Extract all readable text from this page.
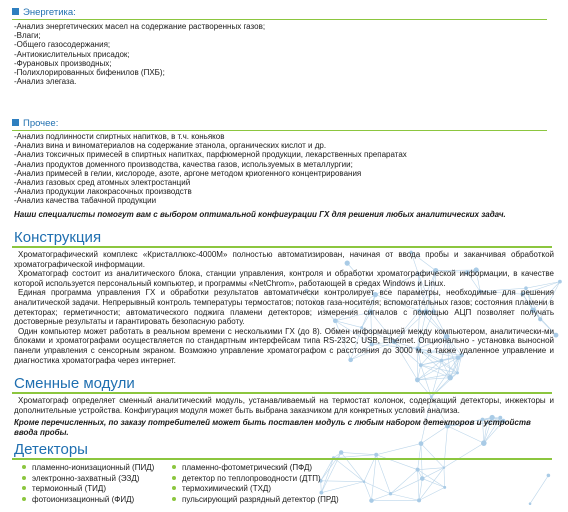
Энергетика:
-Анализ энергетических масел на содержание растворенных газов;
-Влаги;
-Общего газосодержания;
-Антиокислительных присадок;
-Фурановых производных;
-Полихлорированных бифенилов (ПХБ);
-Анализ элегаза.
Прочее:
-Анализ подлинности спиртных напитков, в т.ч. коньяков
-Анализ вина и виноматериалов на содержание этанола, органических кислот и др.
-Анализ токсичных примесей в спиртных напитках, парфюмерной продукции, лекарственных препаратах
-Анализ продуктов доменного производства, качества газов, используемых в металлургии;
-Анализ примесей в гелии, кислороде, азоте, аргоне методом криогенного концентрирования
-Анализ газовых сред атомных электростанций
-Анализ продукции лакокрасочных производств
-Анализ качества табачной продукции
Наши специалисты помогут вам с выбором оптимальной конфигурации ГХ для решения любых аналитических задач.
Конструкция

Хроматографический комплекс «Кристаллюкс-4000М» полностью автоматизирован, начиная от ввода пробы и заканчивая обработкой хроматографической информации.

Хроматограф состоит из аналитического блока, станции управления, контроля и обработки хроматографической информации, в качестве которой используется персональный компьютер, и программы «NetChrom», работающей в средах Windows и Linux.

Единая программа управления ГХ и обработки результатов автоматически контролирует все параметры, необходимые для решения аналитической задачи. Непрерывный контроль температуры термостатов; потоков газа-носителя; вспомогательных газов; состояния пламени в детекторах; герметичности; автоматического поджига пламени детекторов; измерения сигналов с помощью АЦП позволяет получать достоверные результаты и гарантировать безопасную работу.

Один компьютер может работать в реальном времени с несколькими ГХ (до 8). Обмен информацией между компьютером, аналитически-ми блоками и хроматографами осуществляется по стандартным интерфейсам типа RS-232C, USB, Ethernet. Опционально - установка выносной панели управления с сенсорным экраном. Возможно управление хроматографом с расстояния до 3000 м, а также удаленное управление и диагностика хроматографа через интернет.

Сменные модули

Хроматограф определяет сменный аналитический модуль, устанавливаемый на термостат колонок, содержащий детекторы, инжекторы и дополнительные устройства. Конфигурация модуля может быть выбрана заказчиком для конкретных условий анализа.

Кроме перечисленных, по заказу потребителей может быть поставлен модуль с любым набором детекторов и устройств ввода пробы.
Детекторы
пламенно-ионизационный (ПИД)
электронно-захватный (ЭЗД)
термоионный (ТИД)
фотоионизационный (ФИД)
пламенно-фотометрический (ПФД)
детектор по теплопроводности (ДТП)
термохимический (ТХД)
пульсирующий разрядный детектор (ПРД)
